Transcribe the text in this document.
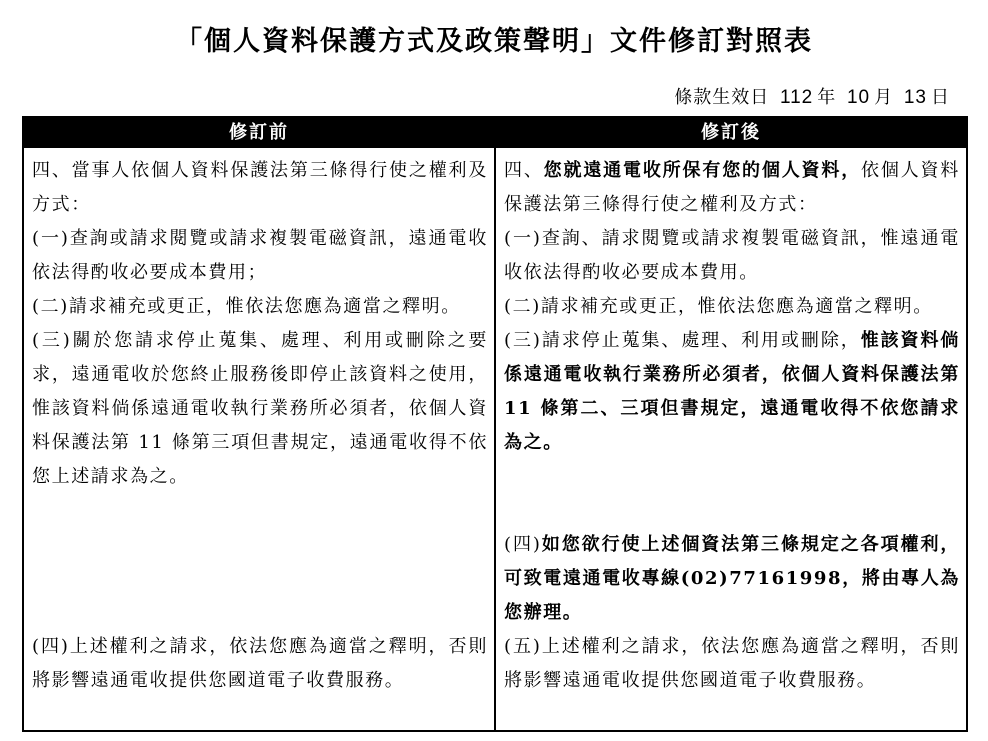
「個人資料保護方式及政策聲明」文件修訂對照表
條款生效日 112 年 10 月 13 日
修訂前	修訂後

四、當事人依個人資料保護法第三條得行使之權利及方式：

(一)查詢或請求閱覽或請求複製電磁資訊，遠通電收依法得酌收必要成本費用；

(二)請求補充或更正，惟依法您應為適當之釋明。

(三)關於您請求停止蒐集、處理、利用或刪除之要求，遠通電收於您終止服務後即停止該資料之使用，惟該資料倘係遠通電收執行業務所必須者，依個人資料保護法第 11 條第三項但書規定，遠通電收得不依您上述請求為之。

(四)上述權利之請求，依法您應為適當之釋明，否則將影響遠通電收提供您國道電子收費服務。

四、您就遠通電收所保有您的個人資料，依個人資料保護法第三條得行使之權利及方式：

(一)查詢、請求閱覽或請求複製電磁資訊，惟遠通電收依法得酌收必要成本費用。

(二)請求補充或更正，惟依法您應為適當之釋明。

(三)請求停止蒐集、處理、利用或刪除，惟該資料倘係遠通電收執行業務所必須者，依個人資料保護法第 11 條第二、三項但書規定，遠通電收得不依您請求為之。

(四)如您欲行使上述個資法第三條規定之各項權利，可致電遠通電收專線(02)77161998，將由專人為您辦理。

(五)上述權利之請求，依法您應為適當之釋明，否則將影響遠通電收提供您國道電子收費服務。
